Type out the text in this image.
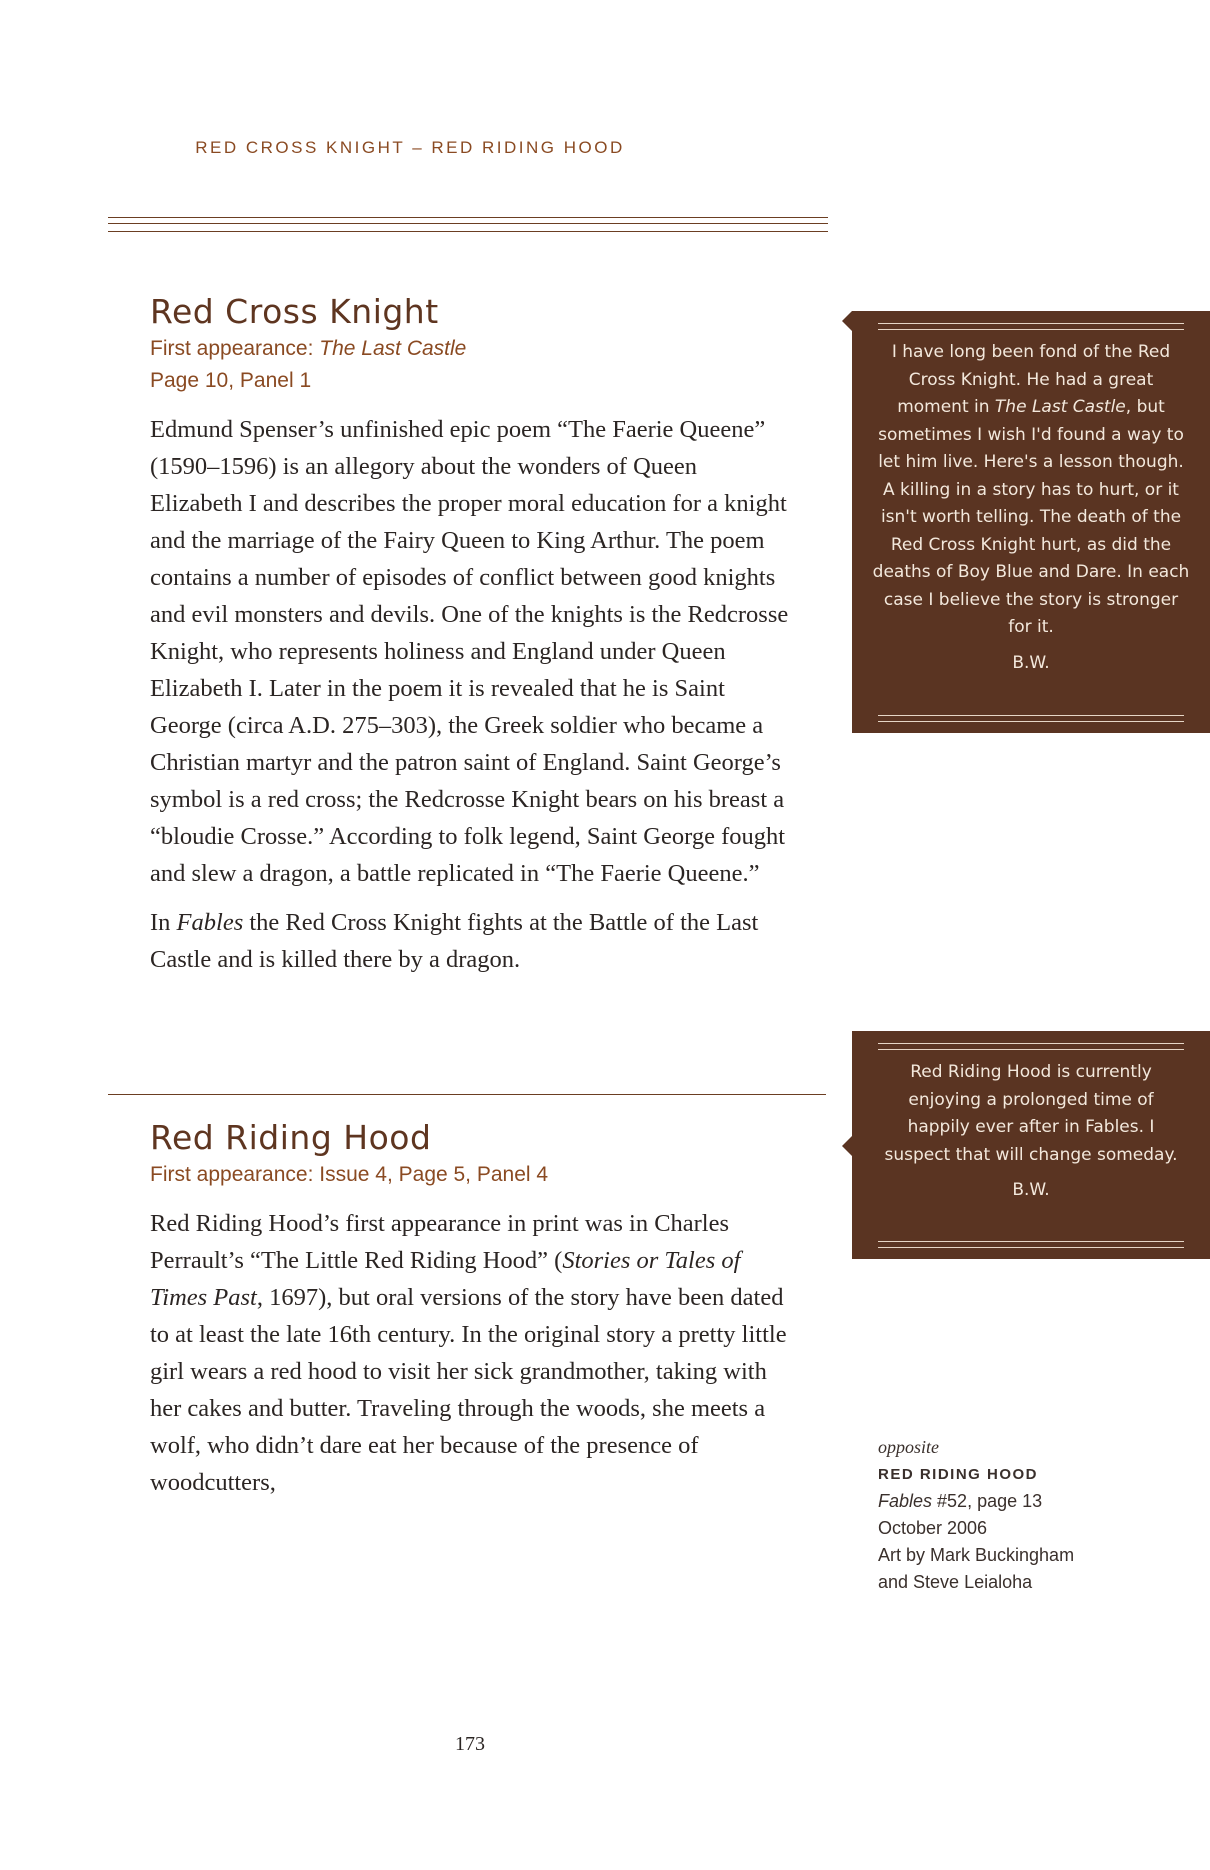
RED CROSS KNIGHT – RED RIDING HOOD
Red Cross Knight
First appearance: The Last Castle
Page 10, Panel 1

Edmund Spenser’s unfinished epic poem “The Faerie Queene” (1590–1596) is an allegory about the wonders of Queen Elizabeth I and describes the proper moral education for a knight and the marriage of the Fairy Queen to King Arthur. The poem contains a number of episodes of conflict between good knights and evil monsters and devils. One of the knights is the Redcrosse Knight, who represents holiness and England under Queen Elizabeth I. Later in the poem it is revealed that he is Saint George (circa A.D. 275–303), the Greek soldier who became a Christian martyr and the patron saint of England. Saint George’s symbol is a red cross; the Redcrosse Knight bears on his breast a “bloudie Crosse.” According to folk legend, Saint George fought and slew a dragon, a battle replicated in “The Faerie Queene.”

In Fables the Red Cross Knight fights at the Battle of the Last Castle and is killed there by a dragon.

Red Riding Hood
First appearance: Issue 4, Page 5, Panel 4

Red Riding Hood’s first appearance in print was in Charles Perrault’s “The Little Red Riding Hood” (Stories or Tales of Times Past, 1697), but oral versions of the story have been dated to at least the late 16th century. In the original story a pretty little girl wears a red hood to visit her sick grandmother, taking with her cakes and butter. Traveling through the woods, she meets a wolf, who didn’t dare eat her because of the presence of woodcutters,

I have long been fond of the Red Cross Knight. He had a great moment in The Last Castle, but sometimes I wish I'd found a way to let him live. Here's a lesson though. A killing in a story has to hurt, or it isn't worth telling. The death of the Red Cross Knight hurt, as did the deaths of Boy Blue and Dare. In each case I believe the story is stronger for it.
B.W.
Red Riding Hood is currently enjoying a prolonged time of happily ever after in Fables. I suspect that will change someday.
B.W.
opposite
RED RIDING HOOD
Fables #52, page 13
October 2006
Art by Mark Buckingham
and Steve Leialoha
173
